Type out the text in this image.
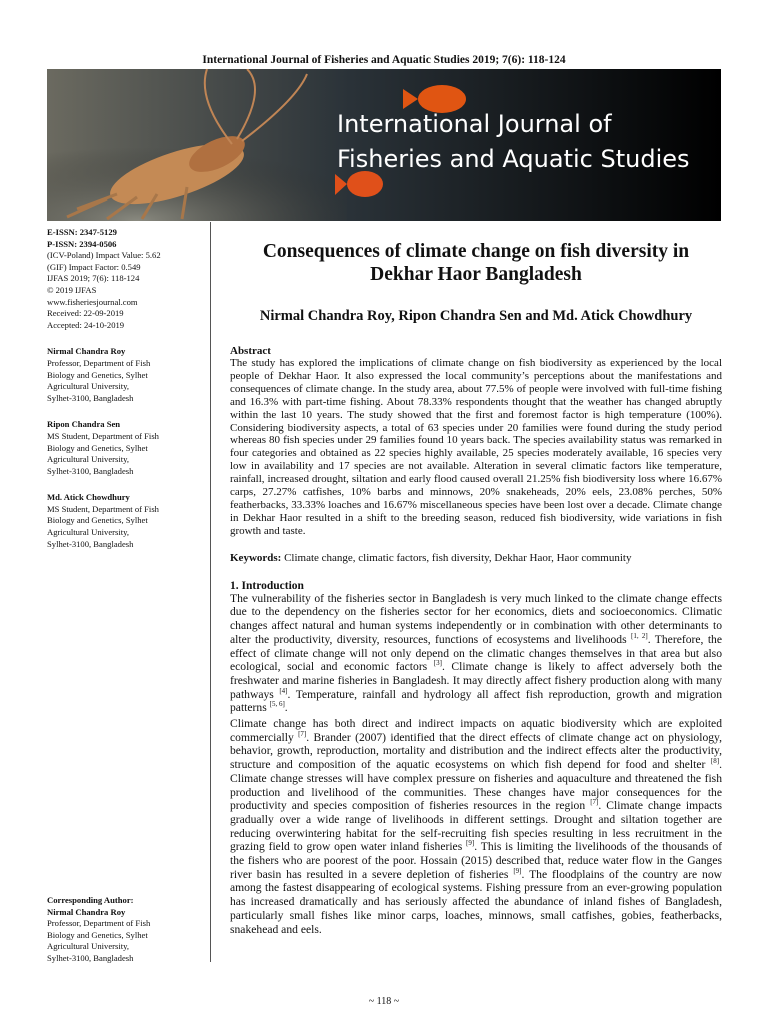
International Journal of Fisheries and Aquatic Studies 2019; 7(6): 118-124
International Journal of
Fisheries and Aquatic Studies
E-ISSN: 2347-5129
P-ISSN: 2394-0506
(ICV-Poland) Impact Value: 5.62
(GIF) Impact Factor: 0.549
IJFAS 2019; 7(6): 118-124
© 2019 IJFAS
www.fisheriesjournal.com
Received: 22-09-2019
Accepted: 24-10-2019
Nirmal Chandra Roy
Professor, Department of Fish
Biology and Genetics, Sylhet
Agricultural University,
Sylhet-3100, Bangladesh
Ripon Chandra Sen
MS Student, Department of Fish
Biology and Genetics, Sylhet
Agricultural University,
Sylhet-3100, Bangladesh
Md. Atick Chowdhury
MS Student, Department of Fish
Biology and Genetics, Sylhet
Agricultural University,
Sylhet-3100, Bangladesh
Corresponding Author:
Nirmal Chandra Roy
Professor, Department of Fish
Biology and Genetics, Sylhet
Agricultural University,
Sylhet-3100, Bangladesh
Consequences of climate change on fish diversity in Dekhar Haor Bangladesh
Nirmal Chandra Roy, Ripon Chandra Sen and Md. Atick Chowdhury
Abstract
The study has explored the implications of climate change on fish biodiversity as experienced by the local people of Dekhar Haor. It also expressed the local community’s perceptions about the manifestations and consequences of climate change. In the study area, about 77.5% of people were involved with full-time fishing and 16.3% with part-time fishing. About 78.33% respondents thought that the weather has changed abruptly within the last 10 years. The study showed that the first and foremost factor is high temperature (100%). Considering biodiversity aspects, a total of 63 species under 20 families were found during the study period whereas 80 fish species under 29 families found 10 years back. The species availability status was remarked in four categories and obtained as 22 species highly available, 25 species moderately available, 16 species very low in availability and 17 species are not available. Alteration in several climatic factors like temperature, rainfall, increased drought, siltation and early flood caused overall 21.25% fish biodiversity loss where 16.67% carps, 27.27% catfishes, 10% barbs and minnows, 20% snakeheads, 20% eels, 23.08% perches, 50% featherbacks, 33.33% loaches and 16.67% miscellaneous species have been lost over a decade. Climate change in Dekhar Haor resulted in a shift to the breeding season, reduced fish biodiversity, wide variations in fish growth and taste.
Keywords: Climate change, climatic factors, fish diversity, Dekhar Haor, Haor community
1. Introduction
The vulnerability of the fisheries sector in Bangladesh is very much linked to the climate change effects due to the dependency on the fisheries sector for her economics, diets and socioeconomics. Climatic changes affect natural and human systems independently or in combination with other determinants to alter the productivity, diversity, resources, functions of ecosystems and livelihoods [1, 2]. Therefore, the effect of climate change will not only depend on the climatic changes themselves in that area but also ecological, social and economic factors [3]. Climate change is likely to affect adversely both the freshwater and marine fisheries in Bangladesh. It may directly affect fishery production along with many pathways [4]. Temperature, rainfall and hydrology all affect fish reproduction, growth and migration patterns [5, 6].
Climate change has both direct and indirect impacts on aquatic biodiversity which are exploited commercially [7]. Brander (2007) identified that the direct effects of climate change act on physiology, behavior, growth, reproduction, mortality and distribution and the indirect effects alter the productivity, structure and composition of the aquatic ecosystems on which fish depend for food and shelter [8]. Climate change stresses will have complex pressure on fisheries and aquaculture and threatened the fish production and livelihood of the communities. These changes have major consequences for the productivity and species composition of fisheries resources in the region [7]. Climate change impacts gradually over a wide range of livelihoods in different settings. Drought and siltation together are reducing overwintering habitat for the self-recruiting fish species resulting in less recruitment in the grazing field to grow open water inland fisheries [9]. This is limiting the livelihoods of the thousands of the fishers who are poorest of the poor. Hossain (2015) described that, reduce water flow in the Ganges river basin has resulted in a severe depletion of fisheries [9]. The floodplains of the country are now among the fastest disappearing of ecological systems. Fishing pressure from an ever-growing population has increased dramatically and has seriously affected the abundance of inland fishes of Bangladesh, particularly small fishes like minor carps, loaches, minnows, small catfishes, gobies, featherbacks, snakehead and eels.
~ 118 ~
